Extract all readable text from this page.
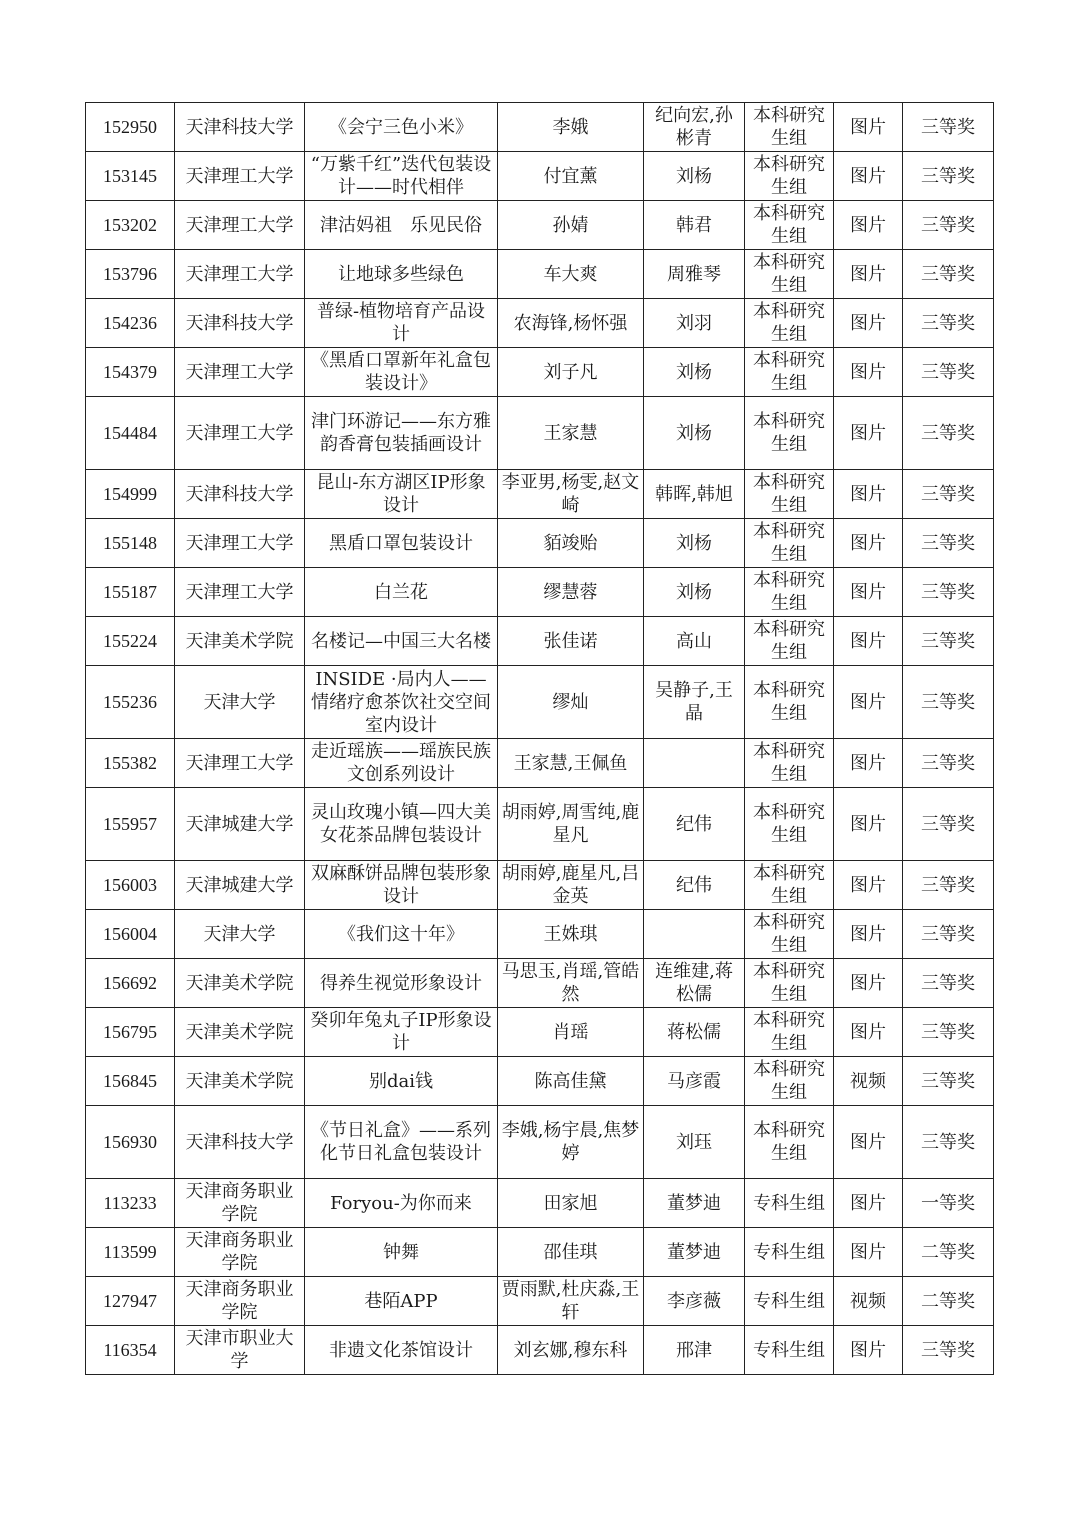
152950	天津科技大学	《会宁三色小米》	李娥	纪向宏,孙彬青	本科研究生组	图片	三等奖
153145	天津理工大学	“万紫千红”迭代包装设计——时代相伴	付宜薰	刘杨	本科研究生组	图片	三等奖
153202	天津理工大学	津沽妈祖　乐见民俗	孙婧	韩君	本科研究生组	图片	三等奖
153796	天津理工大学	让地球多些绿色	车大爽	周雅琴	本科研究生组	图片	三等奖
154236	天津科技大学	普绿-植物培育产品设计	农海锋,杨怀强	刘羽	本科研究生组	图片	三等奖
154379	天津理工大学	《黑盾口罩新年礼盒包装设计》	刘子凡	刘杨	本科研究生组	图片	三等奖
154484	天津理工大学	津门环游记——东方雅韵香膏包装插画设计	王家慧	刘杨	本科研究生组	图片	三等奖
154999	天津科技大学	昆山-东方湖区IP形象设计	李亚男,杨雯,赵文崎	韩晖,韩旭	本科研究生组	图片	三等奖
155148	天津理工大学	黑盾口罩包装设计	貊竣贻	刘杨	本科研究生组	图片	三等奖
155187	天津理工大学	白兰花	缪慧蓉	刘杨	本科研究生组	图片	三等奖
155224	天津美术学院	名楼记—中国三大名楼	张佳诺	高山	本科研究生组	图片	三等奖
155236	天津大学	INSIDE ·局内人——情绪疗愈茶饮社交空间室内设计	缪灿	吴静子,王晶	本科研究生组	图片	三等奖
155382	天津理工大学	走近瑶族——瑶族民族文创系列设计	王家慧,王佩鱼		本科研究生组	图片	三等奖
155957	天津城建大学	灵山玫瑰小镇—四大美女花茶品牌包装设计	胡雨婷,周雪纯,鹿星凡	纪伟	本科研究生组	图片	三等奖
156003	天津城建大学	双麻酥饼品牌包装形象设计	胡雨婷,鹿星凡,吕金英	纪伟	本科研究生组	图片	三等奖
156004	天津大学	《我们这十年》	王姝琪		本科研究生组	图片	三等奖
156692	天津美术学院	得养生视觉形象设计	马思玉,肖瑶,管皓然	连维建,蒋松儒	本科研究生组	图片	三等奖
156795	天津美术学院	癸卯年兔丸子IP形象设计	肖瑶	蒋松儒	本科研究生组	图片	三等奖
156845	天津美术学院	别dai钱	陈高佳黛	马彦霞	本科研究生组	视频	三等奖
156930	天津科技大学	《节日礼盒》——系列化节日礼盒包装设计	李娥,杨宇晨,焦梦婷	刘珏	本科研究生组	图片	三等奖
113233	天津商务职业学院	Foryou-为你而来	田家旭	董梦迪	专科生组	图片	一等奖
113599	天津商务职业学院	钟舞	邵佳琪	董梦迪	专科生组	图片	二等奖
127947	天津商务职业学院	巷陌APP	贾雨默,杜庆淼,王轩	李彦薇	专科生组	视频	二等奖
116354	天津市职业大学	非遗文化茶馆设计	刘玄娜,穆东科	邢津	专科生组	图片	三等奖
